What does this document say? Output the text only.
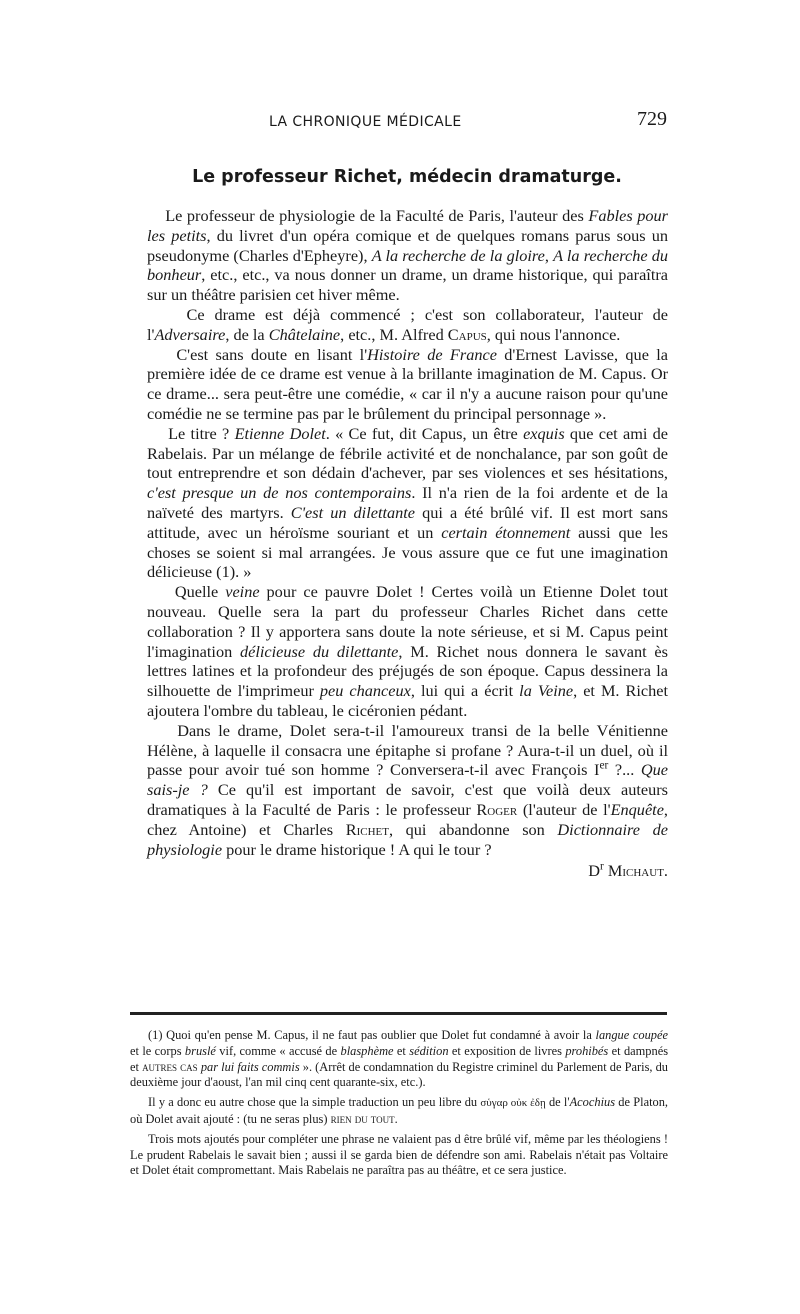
LA CHRONIQUE MÉDICALE	729
Le professeur Richet, médecin dramaturge.

Le professeur de physiologie de la Faculté de Paris, l'auteur des Fables pour les petits, du livret d'un opéra comique et de quelques romans parus sous un pseudonyme (Charles d'Epheyre), A la recherche de la gloire, A la recherche du bonheur, etc., etc., va nous donner un drame, un drame historique, qui paraîtra sur un théâtre parisien cet hiver même.

Ce drame est déjà commencé ; c'est son collaborateur, l'auteur de l'Adversaire, de la Châtelaine, etc., M. Alfred Capus, qui nous l'annonce.

C'est sans doute en lisant l'Histoire de France d'Ernest Lavisse, que la première idée de ce drame est venue à la brillante imagination de M. Capus. Or ce drame... sera peut-être une comédie, « car il n'y a aucune raison pour qu'une comédie ne se termine pas par le brûlement du principal personnage ».

Le titre ? Etienne Dolet. « Ce fut, dit Capus, un être exquis que cet ami de Rabelais. Par un mélange de fébrile activité et de nonchalance, par son goût de tout entreprendre et son dédain d'achever, par ses violences et ses hésitations, c'est presque un de nos contemporains. Il n'a rien de la foi ardente et de la naïveté des martyrs. C'est un dilettante qui a été brûlé vif. Il est mort sans attitude, avec un héroïsme souriant et un certain étonnement aussi que les choses se soient si mal arrangées. Je vous assure que ce fut une imagination délicieuse (1). »

Quelle veine pour ce pauvre Dolet ! Certes voilà un Etienne Dolet tout nouveau. Quelle sera la part du professeur Charles Richet dans cette collaboration ? Il y apportera sans doute la note sérieuse, et si M. Capus peint l'imagination délicieuse du dilettante, M. Richet nous donnera le savant ès lettres latines et la profondeur des préjugés de son époque. Capus dessinera la silhouette de l'imprimeur peu chanceux, lui qui a écrit la Veine, et M. Richet ajoutera l'ombre du tableau, le cicéronien pédant.

Dans le drame, Dolet sera-t-il l'amoureux transi de la belle Vénitienne Hélène, à laquelle il consacra une épitaphe si profane ? Aura-t-il un duel, où il passe pour avoir tué son homme ? Conversera-t-il avec François Ier ?... Que sais-je ? Ce qu'il est important de savoir, c'est que voilà deux auteurs dramatiques à la Faculté de Paris : le professeur Roger (l'auteur de l'Enquête, chez Antoine) et Charles Richet, qui abandonne son Dictionnaire de physiologie pour le drame historique ! A qui le tour ?

$D^r$ Michaut.

(1) Quoi qu'en pense M. Capus, il ne faut pas oublier que Dolet fut condamné à avoir la langue coupée et le corps bruslé vif, comme « accusé de blasphème et sédition et exposition de livres prohibés et dampnés et autres cas par lui faits commis ». (Arrêt de condamnation du Registre criminel du Parlement de Paris, du deuxième jour d'aoust, l'an mil cinq cent quarante-six, etc.).

Il y a donc eu autre chose que la simple traduction un peu libre du σὑγαρ οὐκ ἐδῃ de l'Acochius de Platon, où Dolet avait ajouté : (tu ne seras plus) rien du tout.

Trois mots ajoutés pour compléter une phrase ne valaient pas d être brûlé vif, même par les théologiens ! Le prudent Rabelais le savait bien ; aussi il se garda bien de défendre son ami. Rabelais n'était pas Voltaire et Dolet était compromettant. Mais Rabelais ne paraîtra pas au théâtre, et ce sera justice.
